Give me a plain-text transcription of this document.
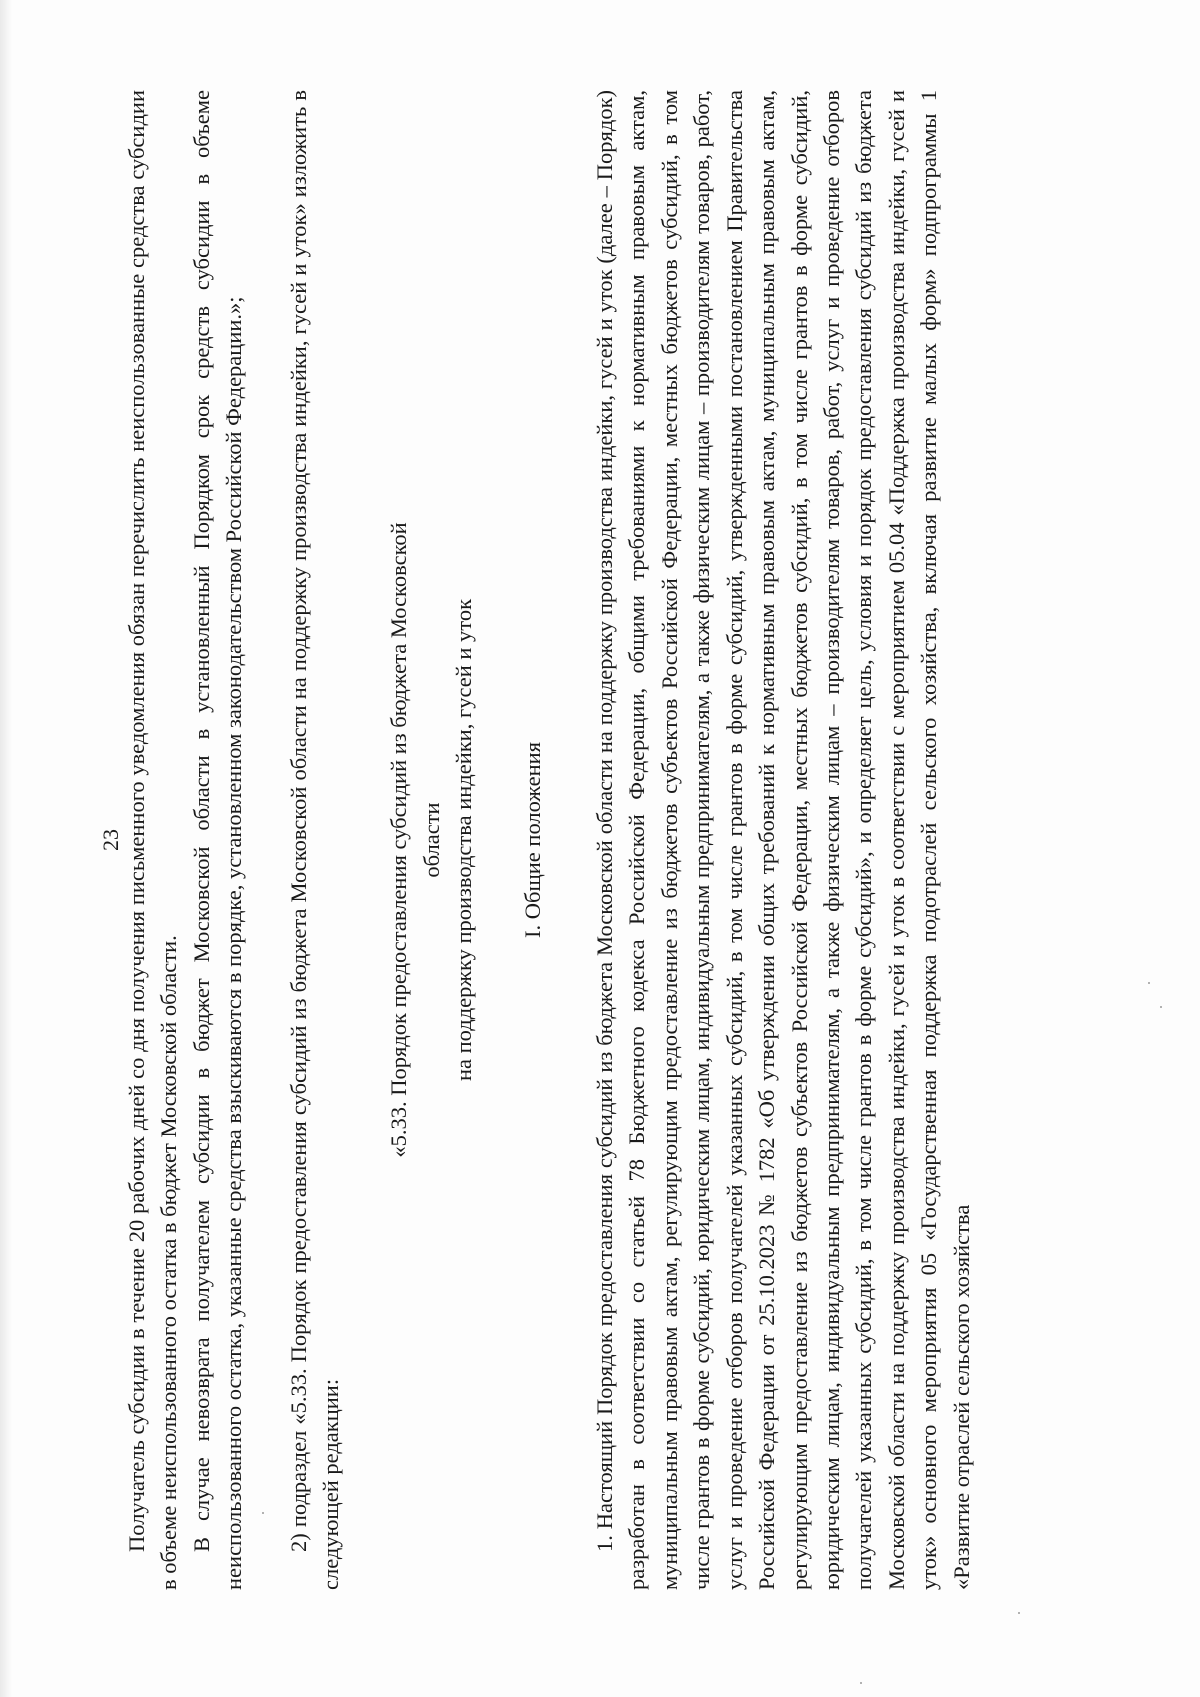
23 Получатель субсидии в течение 20 рабочих дней со дня получения письменного уведомления обязан перечислить неиспользованные средства субсидии в объеме неиспользованного остатка в бюджет Московской области. В случае невозврата получателем субсидии в бюджет Московской области в установленный Порядком срок средств субсидии в объеме неиспользованного остатка, указанные средства взыскиваются в порядке, установленном законодательством Российской Федерации.»; 2) подраздел «5.33. Порядок предоставления субсидий из бюджета Московской области на поддержку производства индейки, гусей и уток» изложить в следующей редакции:

«5.33. Порядок предоставления субсидий из бюджета Московской области на поддержку производства индейки, гусей и уток I. Общие положения 1. Настоящий Порядок предоставления субсидий из бюджета Московской области на поддержку производства индейки, гусей и уток (далее – Порядок) разработан в соответствии со статьей 78 Бюджетного кодекса Российской Федерации, общими требованиями к нормативным правовым актам, муниципальным правовым актам, регулирующим предоставление из бюджетов субъектов Российской Федерации, местных бюджетов субсидий, в том числе грантов в форме субсидий, юридическим лицам, индивидуальным предпринимателям, а также физическим лицам – производителям товаров, работ, услуг и проведение отборов получателей указанных субсидий, в том числе грантов в форме субсидий, утвержденными постановлением Правительства Российской Федерации от 25.10.2023 № 1782 «Об утверждении общих требований к нормативным правовым актам, муниципальным правовым актам, регулирующим предоставление из бюджетов субъектов Российской Федерации, местных бюджетов субсидий, в том числе грантов в форме субсидий, юридическим лицам, индивидуальным предпринимателям, а также физическим лицам – производителям товаров, работ, услуг и проведение отборов получателей указанных субсидий, в том числе грантов в форме субсидий», и определяет цель, условия и порядок предоставления субсидий из бюджета Московской области на поддержку производства индейки, гусей и уток в соответствии с мероприятием 05.04 «Поддержка производства индейки, гусей и уток» основного мероприятия 05 «Государственная поддержка подотраслей сельского хозяйства, включая развитие малых форм» подпрограммы 1 «Развитие отраслей сельского хозяйства
